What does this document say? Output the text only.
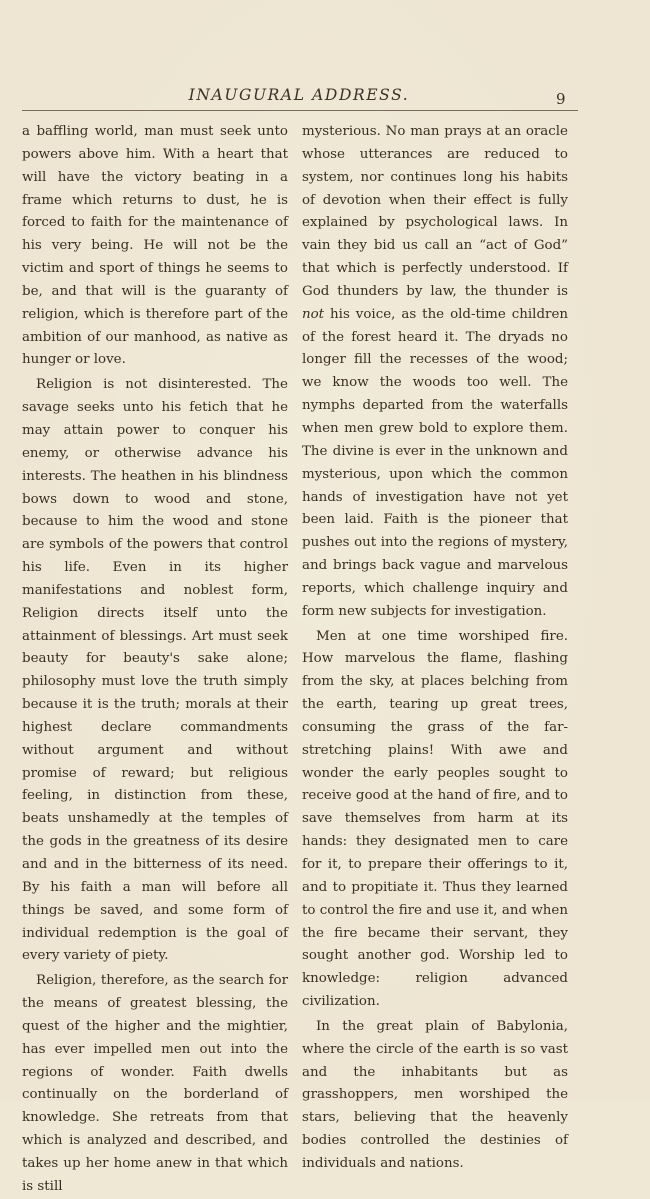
INAUGURAL ADDRESS.	9

a baffling world, man must seek unto powers above him. With a heart that will have the victory beating in a frame which returns to dust, he is forced to faith for the maintenance of his very being. He will not be the victim and sport of things he seems to be, and that will is the guaranty of religion, which is therefore part of the ambition of our manhood, as native as hunger or love.

Religion is not disinterested. The savage seeks unto his fetich that he may attain power to conquer his enemy, or otherwise advance his interests. The heathen in his blindness bows down to wood and stone, because to him the wood and stone are symbols of the powers that control his life. Even in its higher manifestations and noblest form, Religion directs itself unto the attainment of blessings. Art must seek beauty for beauty's sake alone; philosophy must love the truth simply because it is the truth; morals at their highest declare commandments without argument and without promise of reward; but religious feeling, in distinction from these, beats unshamedly at the temples of the gods in the greatness of its desire and and in the bitterness of its need. By his faith a man will before all things be saved, and some form of individual redemption is the goal of every variety of piety.

Religion, therefore, as the search for the means of greatest blessing, the quest of the higher and the mightier, has ever impelled men out into the regions of wonder. Faith dwells continually on the borderland of knowledge. She retreats from that which is analyzed and described, and takes up her home anew in that which is still

mysterious. No man prays at an oracle whose utterances are reduced to system, nor continues long his habits of devotion when their effect is fully explained by psychological laws. In vain they bid us call an “act of God” that which is perfectly understood. If God thunders by law, the thunder is not his voice, as the old-time children of the forest heard it. The dryads no longer fill the recesses of the wood; we know the woods too well. The nymphs departed from the waterfalls when men grew bold to explore them. The divine is ever in the unknown and mysterious, upon which the common hands of investigation have not yet been laid. Faith is the pioneer that pushes out into the regions of mystery, and brings back vague and marvelous reports, which challenge inquiry and form new subjects for investigation.

Men at one time worshiped fire. How marvelous the flame, flashing from the sky, at places belching from the earth, tearing up great trees, consuming the grass of the far-stretching plains! With awe and wonder the early peoples sought to receive good at the hand of fire, and to save themselves from harm at its hands: they designated men to care for it, to prepare their offerings to it, and to propitiate it. Thus they learned to control the fire and use it, and when the fire became their servant, they sought another god. Worship led to knowledge: religion advanced civilization.

In the great plain of Babylonia, where the circle of the earth is so vast and the inhabitants but as grasshoppers, men worshiped the stars, believing that the heavenly bodies controlled the destinies of individuals and nations.
